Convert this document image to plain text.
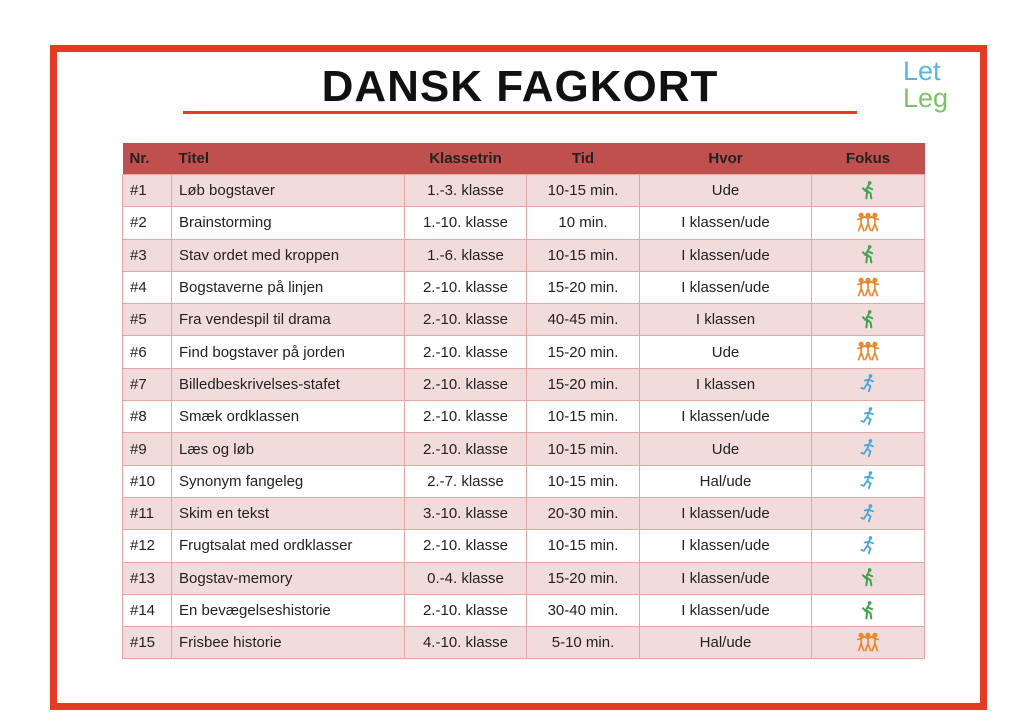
DANSK FAGKORT	Let
Leg
Nr.	Titel	Klassetrin	Tid	Hvor	Fokus
#1	Løb bogstaver	1.-3. klasse	10-15 min.	Ude	
#2	Brainstorming	1.-10. klasse	10 min.	I klassen/ude	
#3	Stav ordet med kroppen	1.-6. klasse	10-15 min.	I klassen/ude	
#4	Bogstaverne på linjen	2.-10. klasse	15-20 min.	I klassen/ude	
#5	Fra vendespil til drama	2.-10. klasse	40-45 min.	I klassen	
#6	Find bogstaver på jorden	2.-10. klasse	15-20 min.	Ude	
#7	Billedbeskrivelses-stafet	2.-10. klasse	15-20 min.	I klassen	
#8	Smæk ordklassen	2.-10. klasse	10-15 min.	I klassen/ude	
#9	Læs og løb	2.-10. klasse	10-15 min.	Ude	
#10	Synonym fangeleg	2.-7. klasse	10-15 min.	Hal/ude	
#11	Skim en tekst	3.-10. klasse	20-30 min.	I klassen/ude	
#12	Frugtsalat med ordklasser	2.-10. klasse	10-15 min.	I klassen/ude	
#13	Bogstav-memory	0.-4. klasse	15-20 min.	I klassen/ude	
#14	En bevægelseshistorie	2.-10. klasse	30-40 min.	I klassen/ude	
#15	Frisbee historie	4.-10. klasse	5-10 min.	Hal/ude	
